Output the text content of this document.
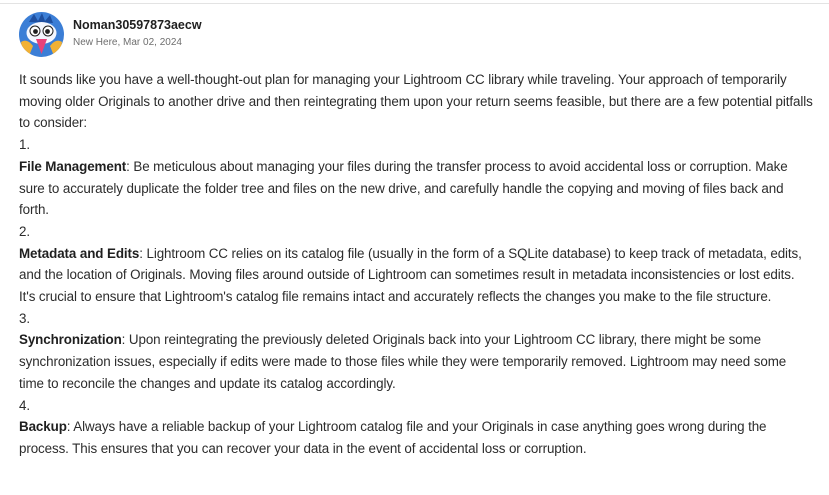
Noman30597873aecw
New Here, Mar 02, 2024

It sounds like you have a well-thought-out plan for managing your Lightroom CC library while traveling. Your approach of temporarily moving older Originals to another drive and then reintegrating them upon your return seems feasible, but there are a few potential pitfalls to consider:

1.

File Management: Be meticulous about managing your files during the transfer process to avoid accidental loss or corruption. Make sure to accurately duplicate the folder tree and files on the new drive, and carefully handle the copying and moving of files back and forth.

2.

Metadata and Edits: Lightroom CC relies on its catalog file (usually in the form of a SQLite database) to keep track of metadata, edits, and the location of Originals. Moving files around outside of Lightroom can sometimes result in metadata inconsistencies or lost edits. It's crucial to ensure that Lightroom's catalog file remains intact and accurately reflects the changes you make to the file structure.

3.

Synchronization: Upon reintegrating the previously deleted Originals back into your Lightroom CC library, there might be some synchronization issues, especially if edits were made to those files while they were temporarily removed. Lightroom may need some time to reconcile the changes and update its catalog accordingly.

4.

Backup: Always have a reliable backup of your Lightroom catalog file and your Originals in case anything goes wrong during the process. This ensures that you can recover your data in the event of accidental loss or corruption.
